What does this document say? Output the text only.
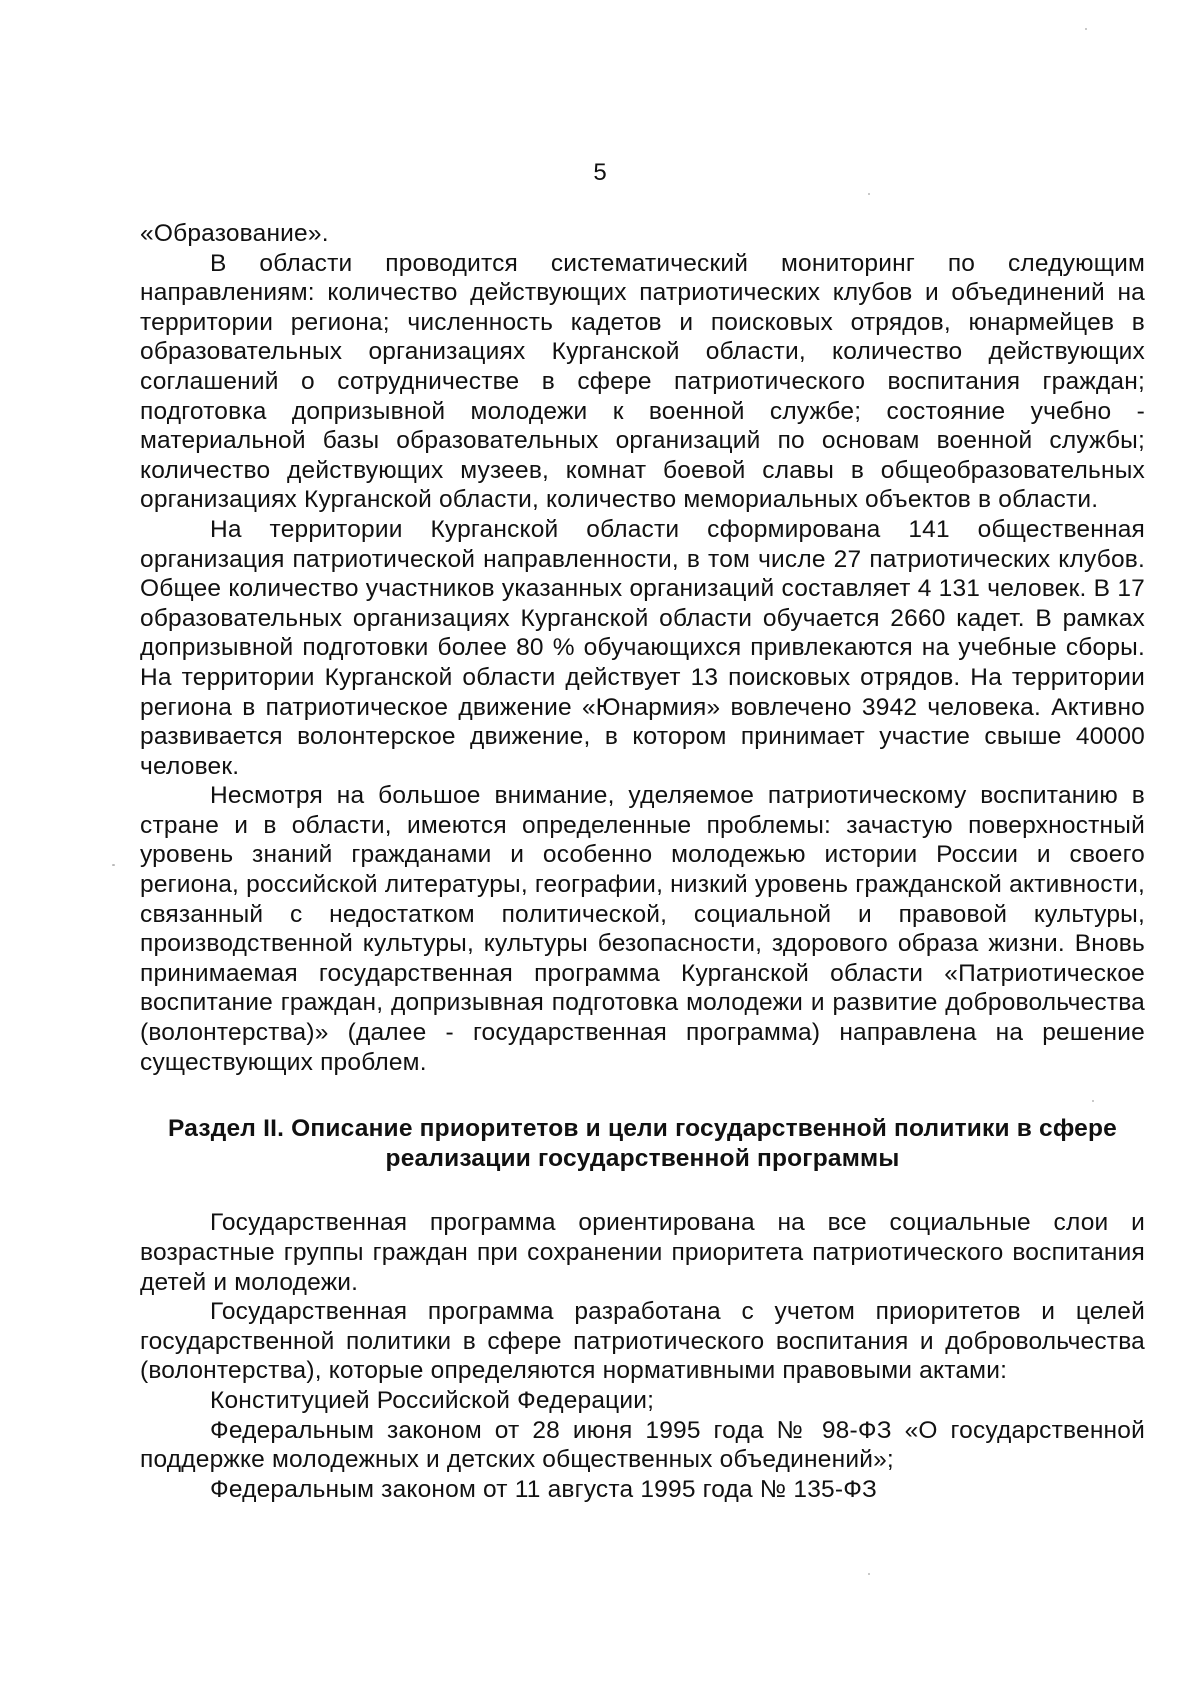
5

«Образование».

В области проводится систематический мониторинг по следующим направлениям: количество действующих патриотических клубов и объединений на территории региона; численность кадетов и поисковых отрядов, юнармейцев в образовательных организациях Курганской области, количество действующих соглашений о сотрудничестве в сфере патриотического воспитания граждан; подготовка допризывной молодежи к военной службе; состояние учебно - материальной базы образовательных организаций по основам военной службы; количество действующих музеев, комнат боевой славы в общеобразовательных организациях Курганской области, количество мемориальных объектов в области.

На территории Курганской области сформирована 141 общественная организация патриотической направленности, в том числе 27 патриотических клубов. Общее количество участников указанных организаций составляет 4 131 человек. В 17 образовательных организациях Курганской области обучается 2660 кадет. В рамках допризывной подготовки более 80 % обучающихся привлекаются на учебные сборы. На территории Курганской области действует 13 поисковых отрядов. На территории региона в патриотическое движение «Юнармия» вовлечено 3942 человека. Активно развивается волонтерское движение, в котором принимает участие свыше 40000 человек.

Несмотря на большое внимание, уделяемое патриотическому воспитанию в стране и в области, имеются определенные проблемы: зачастую поверхностный уровень знаний гражданами и особенно молодежью истории России и своего региона, российской литературы, географии, низкий уровень гражданской активности, связанный с недостатком политической, социальной и правовой культуры, производственной культуры, культуры безопасности, здорового образа жизни. Вновь принимаемая государственная программа Курганской области «Патриотическое воспитание граждан, допризывная подготовка молодежи и развитие добровольчества (волонтерства)» (далее - государственная программа) направлена на решение существующих проблем.

Раздел II. Описание приоритетов и цели государственной политики в сфере реализации государственной программы

Государственная программа ориентирована на все социальные слои и возрастные группы граждан при сохранении приоритета патриотического воспитания детей и молодежи.

Государственная программа разработана с учетом приоритетов и целей государственной политики в сфере патриотического воспитания и добровольчества (волонтерства), которые определяются нормативными правовыми актами:

Конституцией Российской Федерации;

Федеральным законом от 28 июня 1995 года № 98-ФЗ «О государственной поддержке молодежных и детских общественных объединений»;

Федеральным законом от 11 августа 1995 года № 135-ФЗ
